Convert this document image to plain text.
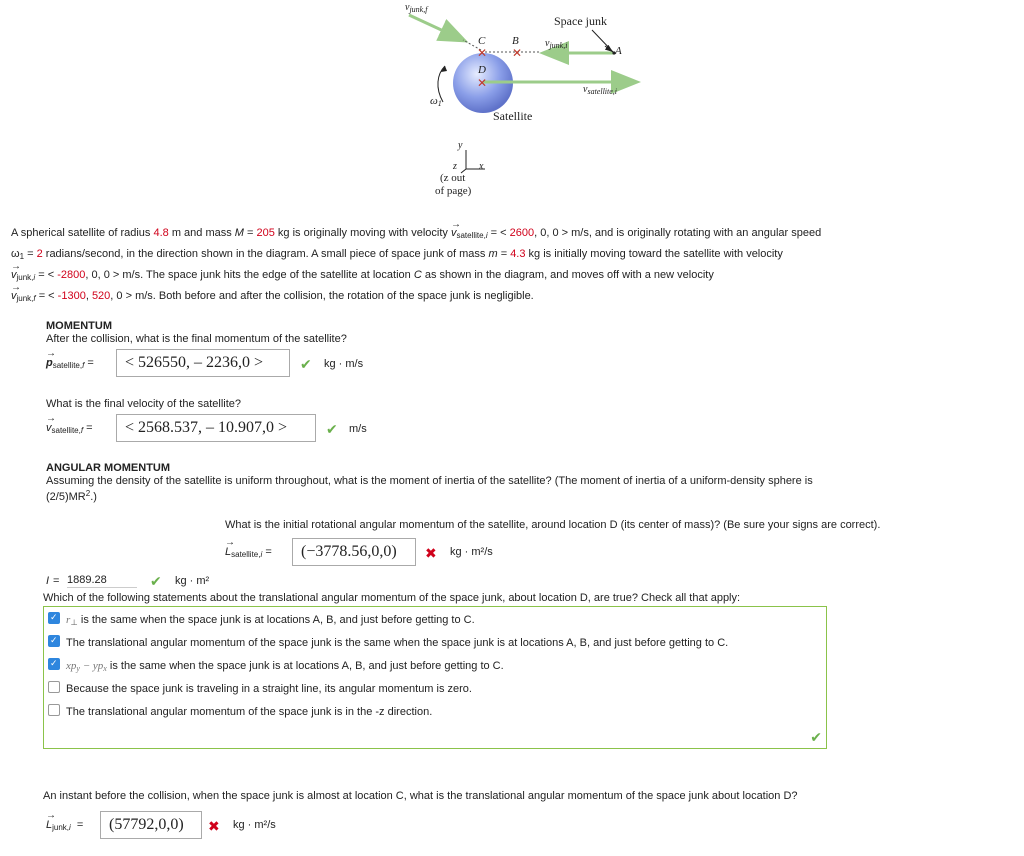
✕ ✕
✕
$v_{junk,f}$
Space junk
C B	$v_{junk,i}$	A
D
$v_{satellite,i}$
$\omega_1$
Satellite
y
x
z
(z out
of page)
A spherical satellite of radius 4.8 m and mass M = 205 kg is originally moving with velocity → $v_{satellite,i}$ = < 2600, 0, 0 > m/s, and is originally rotating with an angular speed
$\omega_1 = 2$ radians/second, in the direction shown in the diagram. A small piece of space junk of mass m = 4.3 kg is initially moving toward the satellite with velocity
→ $v_{junk,i}$ = < -2800, 0, 0 > m/s. The space junk hits the edge of the satellite at location C as shown in the diagram, and moves off with a new velocity
→ $v_{junk,f}$ = < -1300, 520, 0 > m/s. Both before and after the collision, the rotation of the space junk is negligible.
MOMENTUM
After the collision, what is the final momentum of the satellite?
→ $p_{satellite,f}$ =	< 526550, – 2236,0 >	✔ kg · m/s
What is the final velocity of the satellite?
→ $v_{satellite,f}$ =	< 2568.537, – 10.907,0 >	✔ m/s
ANGULAR MOMENTUM
Assuming the density of the satellite is uniform throughout, what is the moment of inertia of the satellite? (The moment of inertia of a uniform-density sphere is
$(2/5)MR^2$.)
What is the initial rotational angular momentum of the satellite, around location D (its center of mass)? (Be sure your signs are correct).
→ $L_{satellite,i}$ =	(−3778.56,0,0)	✖ kg · m²/s
I = 1889.28	✔ kg · m²
Which of the following statements about the translational angular momentum of the space junk, about location D, are true? Check all that apply:
$✓r_\perp$ is the same when the space junk is at locations A, B, and just before getting to C.
✓The translational angular momentum of the space junk is the same when the space junk is at locations A, B, and just before getting to C.
$✓xp_y - yp_x$ is the same when the space junk is at locations A, B, and just before getting to C.
Because the space junk is traveling in a straight line, its angular momentum is zero.
The translational angular momentum of the space junk is in the -z direction.
✔
An instant before the collision, when the space junk is almost at location C, what is the translational angular momentum of the space junk about location D?
→ $L_{junk,i}$  =	(57792,0,0)	✖ kg · m²/s
